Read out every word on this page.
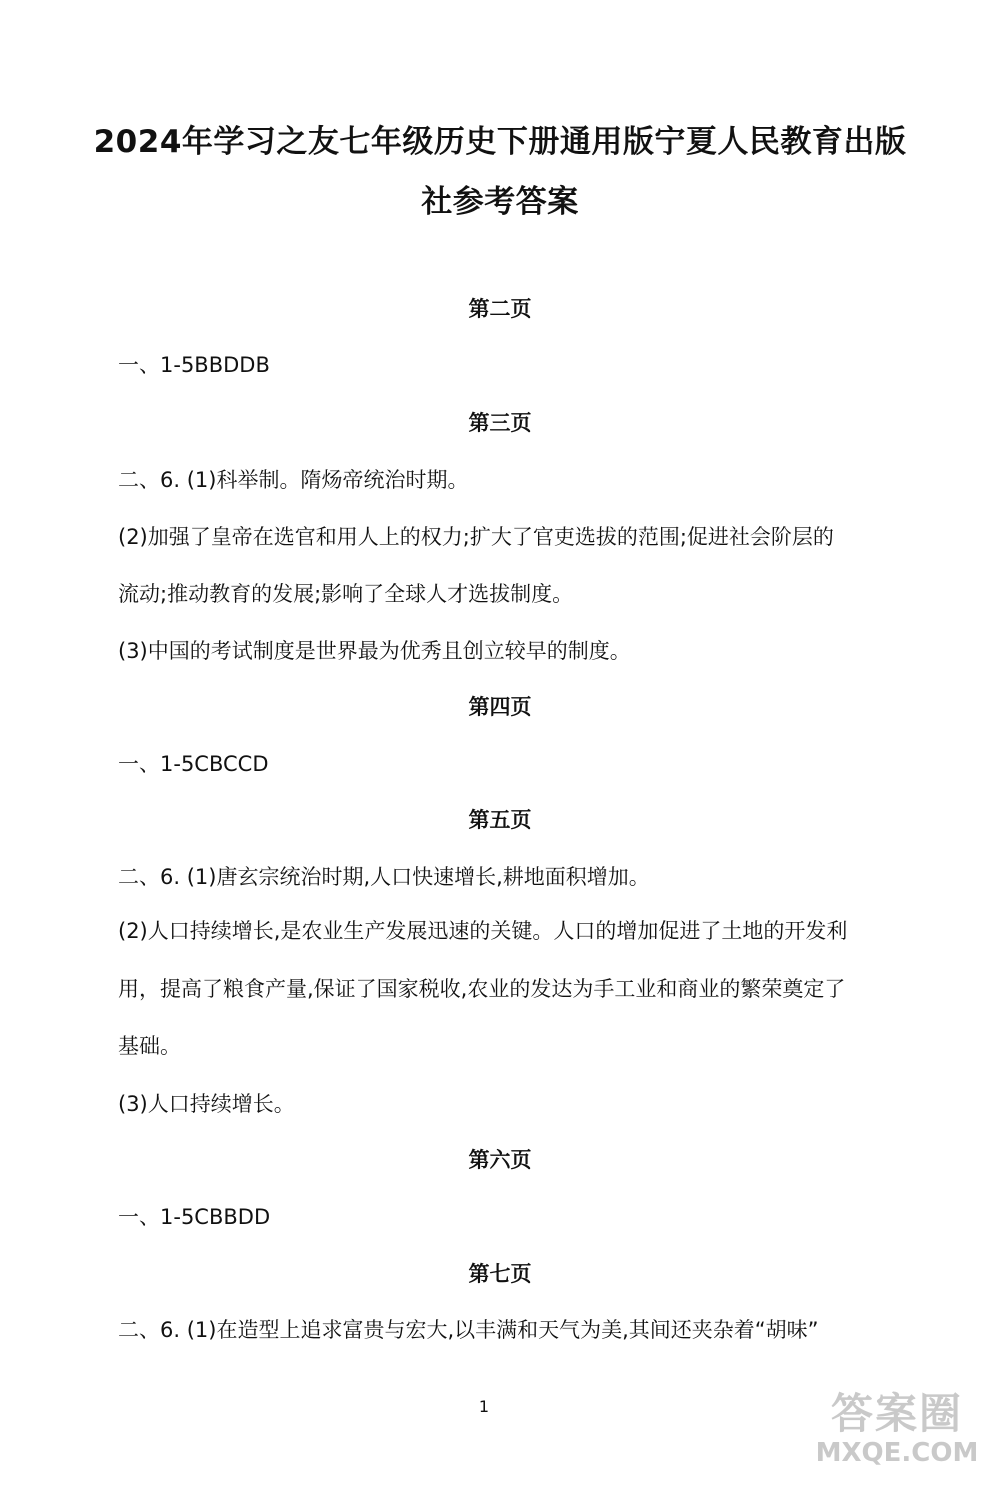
2024年学习之友七年级历史下册通用版宁夏人民教育出版
社参考答案
第二页
一、1-5BBDDB
第三页
二、6. (1)科举制。隋炀帝统治时期。
(2)加强了皇帝在选官和用人上的权力;扩大了官吏选拔的范围;促进社会阶层的
流动;推动教育的发展;影响了全球人才选拔制度。
(3)中国的考试制度是世界最为优秀且创立较早的制度。
第四页
一、1-5CBCCD
第五页
二、6. (1)唐玄宗统治时期,人口快速增长,耕地面积增加。
(2)人口持续增长,是农业生产发展迅速的关键。人口的增加促进了土地的开发利
用，提高了粮食产量,保证了国家税收,农业的发达为手工业和商业的繁荣奠定了
基础。
(3)人口持续增长。
第六页
一、1-5CBBDD
第七页
二、6. (1)在造型上追求富贵与宏大,以丰满和天气为美,其间还夹杂着“胡味”
1	答案圈
MXQE.COM
